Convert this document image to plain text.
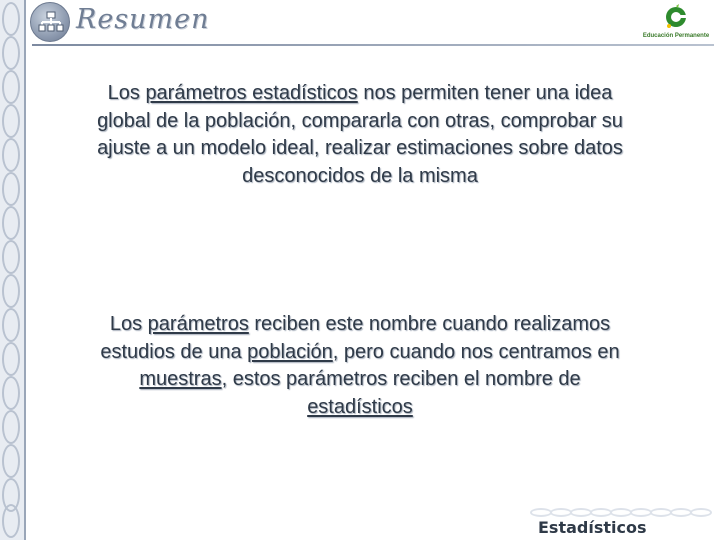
Resumen
Educación Permanente
Los parámetros estadísticos nos permiten tener una idea global de la población, compararla con otras, comprobar su ajuste a un modelo ideal, realizar estimaciones sobre datos desconocidos de la misma
Los parámetros reciben este nombre cuando realizamos estudios de una población, pero cuando nos centramos en muestras, estos parámetros reciben el nombre de estadísticos
Estadísticos
